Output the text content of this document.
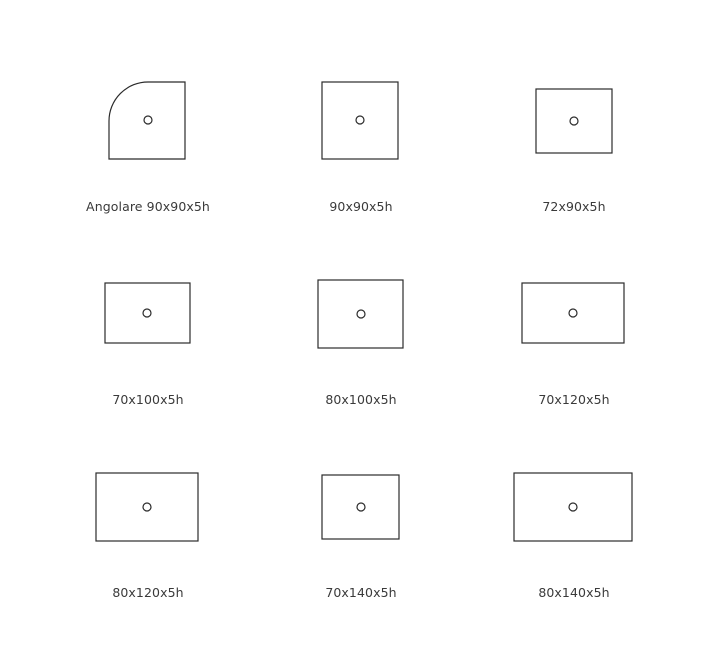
Angolare 90x90x5h	90x90x5h	72x90x5h
70x100x5h	80x100x5h	70x120x5h
80x120x5h	70x140x5h	80x140x5h
